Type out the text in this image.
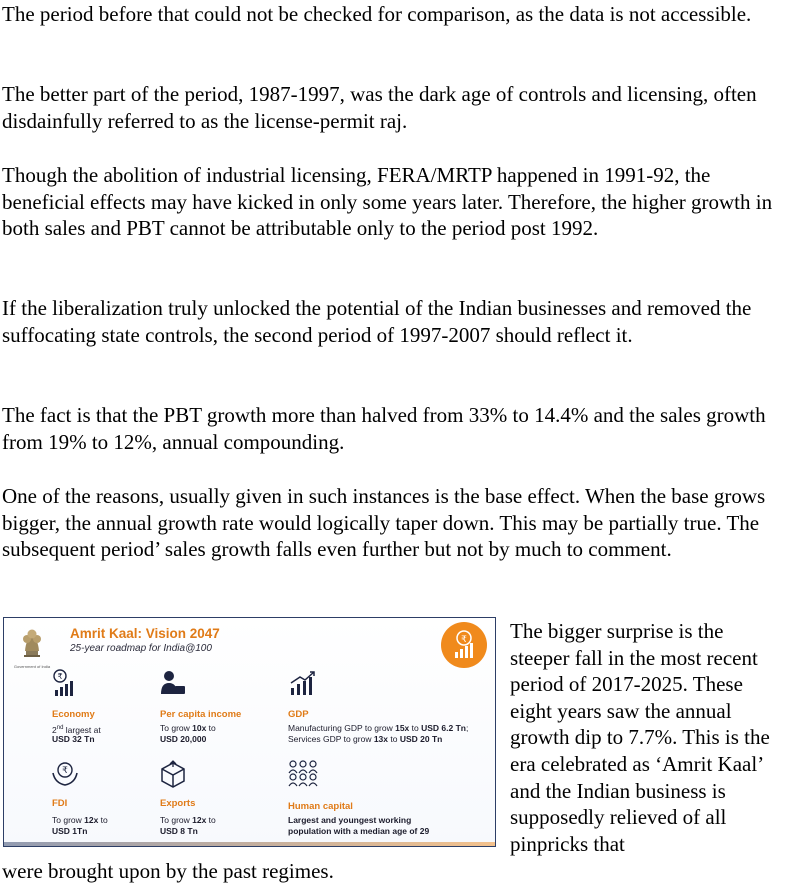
The period before that could not be checked for comparison, as the data is not accessible.

The better part of the period, 1987-1997, was the dark age of controls and licensing, often disdainfully referred to as the license-permit raj.

Though the abolition of industrial licensing, FERA/MRTP happened in 1991-92, the beneficial effects may have kicked in only some years later. Therefore, the higher growth in both sales and PBT cannot be attributable only to the period post 1992.

If the liberalization truly unlocked the potential of the Indian businesses and removed the suffocating state controls, the second period of 1997-2007 should reflect it.

The fact is that the PBT growth more than halved from 33% to 14.4% and the sales growth from 19% to 12%, annual compounding.

One of the reasons, usually given in such instances is the base effect. When the base grows bigger, the annual growth rate would logically taper down. This may be partially true. The subsequent period’ sales growth falls even further but not by much to comment.

The bigger surprise is the steeper fall in the most recent period of 2017-2025. These eight years saw the annual growth dip to 7.7%. This is the era celebrated as ‘Amrit Kaal’ and the Indian business is supposedly relieved of all pinpricks that

were brought upon by the past regimes.

Government of India
Amrit Kaal: Vision 2047
25-year roadmap for India@100
₹
₹
Economy
2nd largest at
USD 32 Tn
Per capita income
To grow 10x to
USD 20,000
GDP
Manufacturing GDP to grow 15x to USD 6.2 Tn;
Services GDP to grow 13x to USD 20 Tn
₹
FDI
To grow 12x to
USD 1Tn
Exports
To grow 12x to
USD 8 Tn
Human capital
Largest and youngest working
population with a median age of 29
